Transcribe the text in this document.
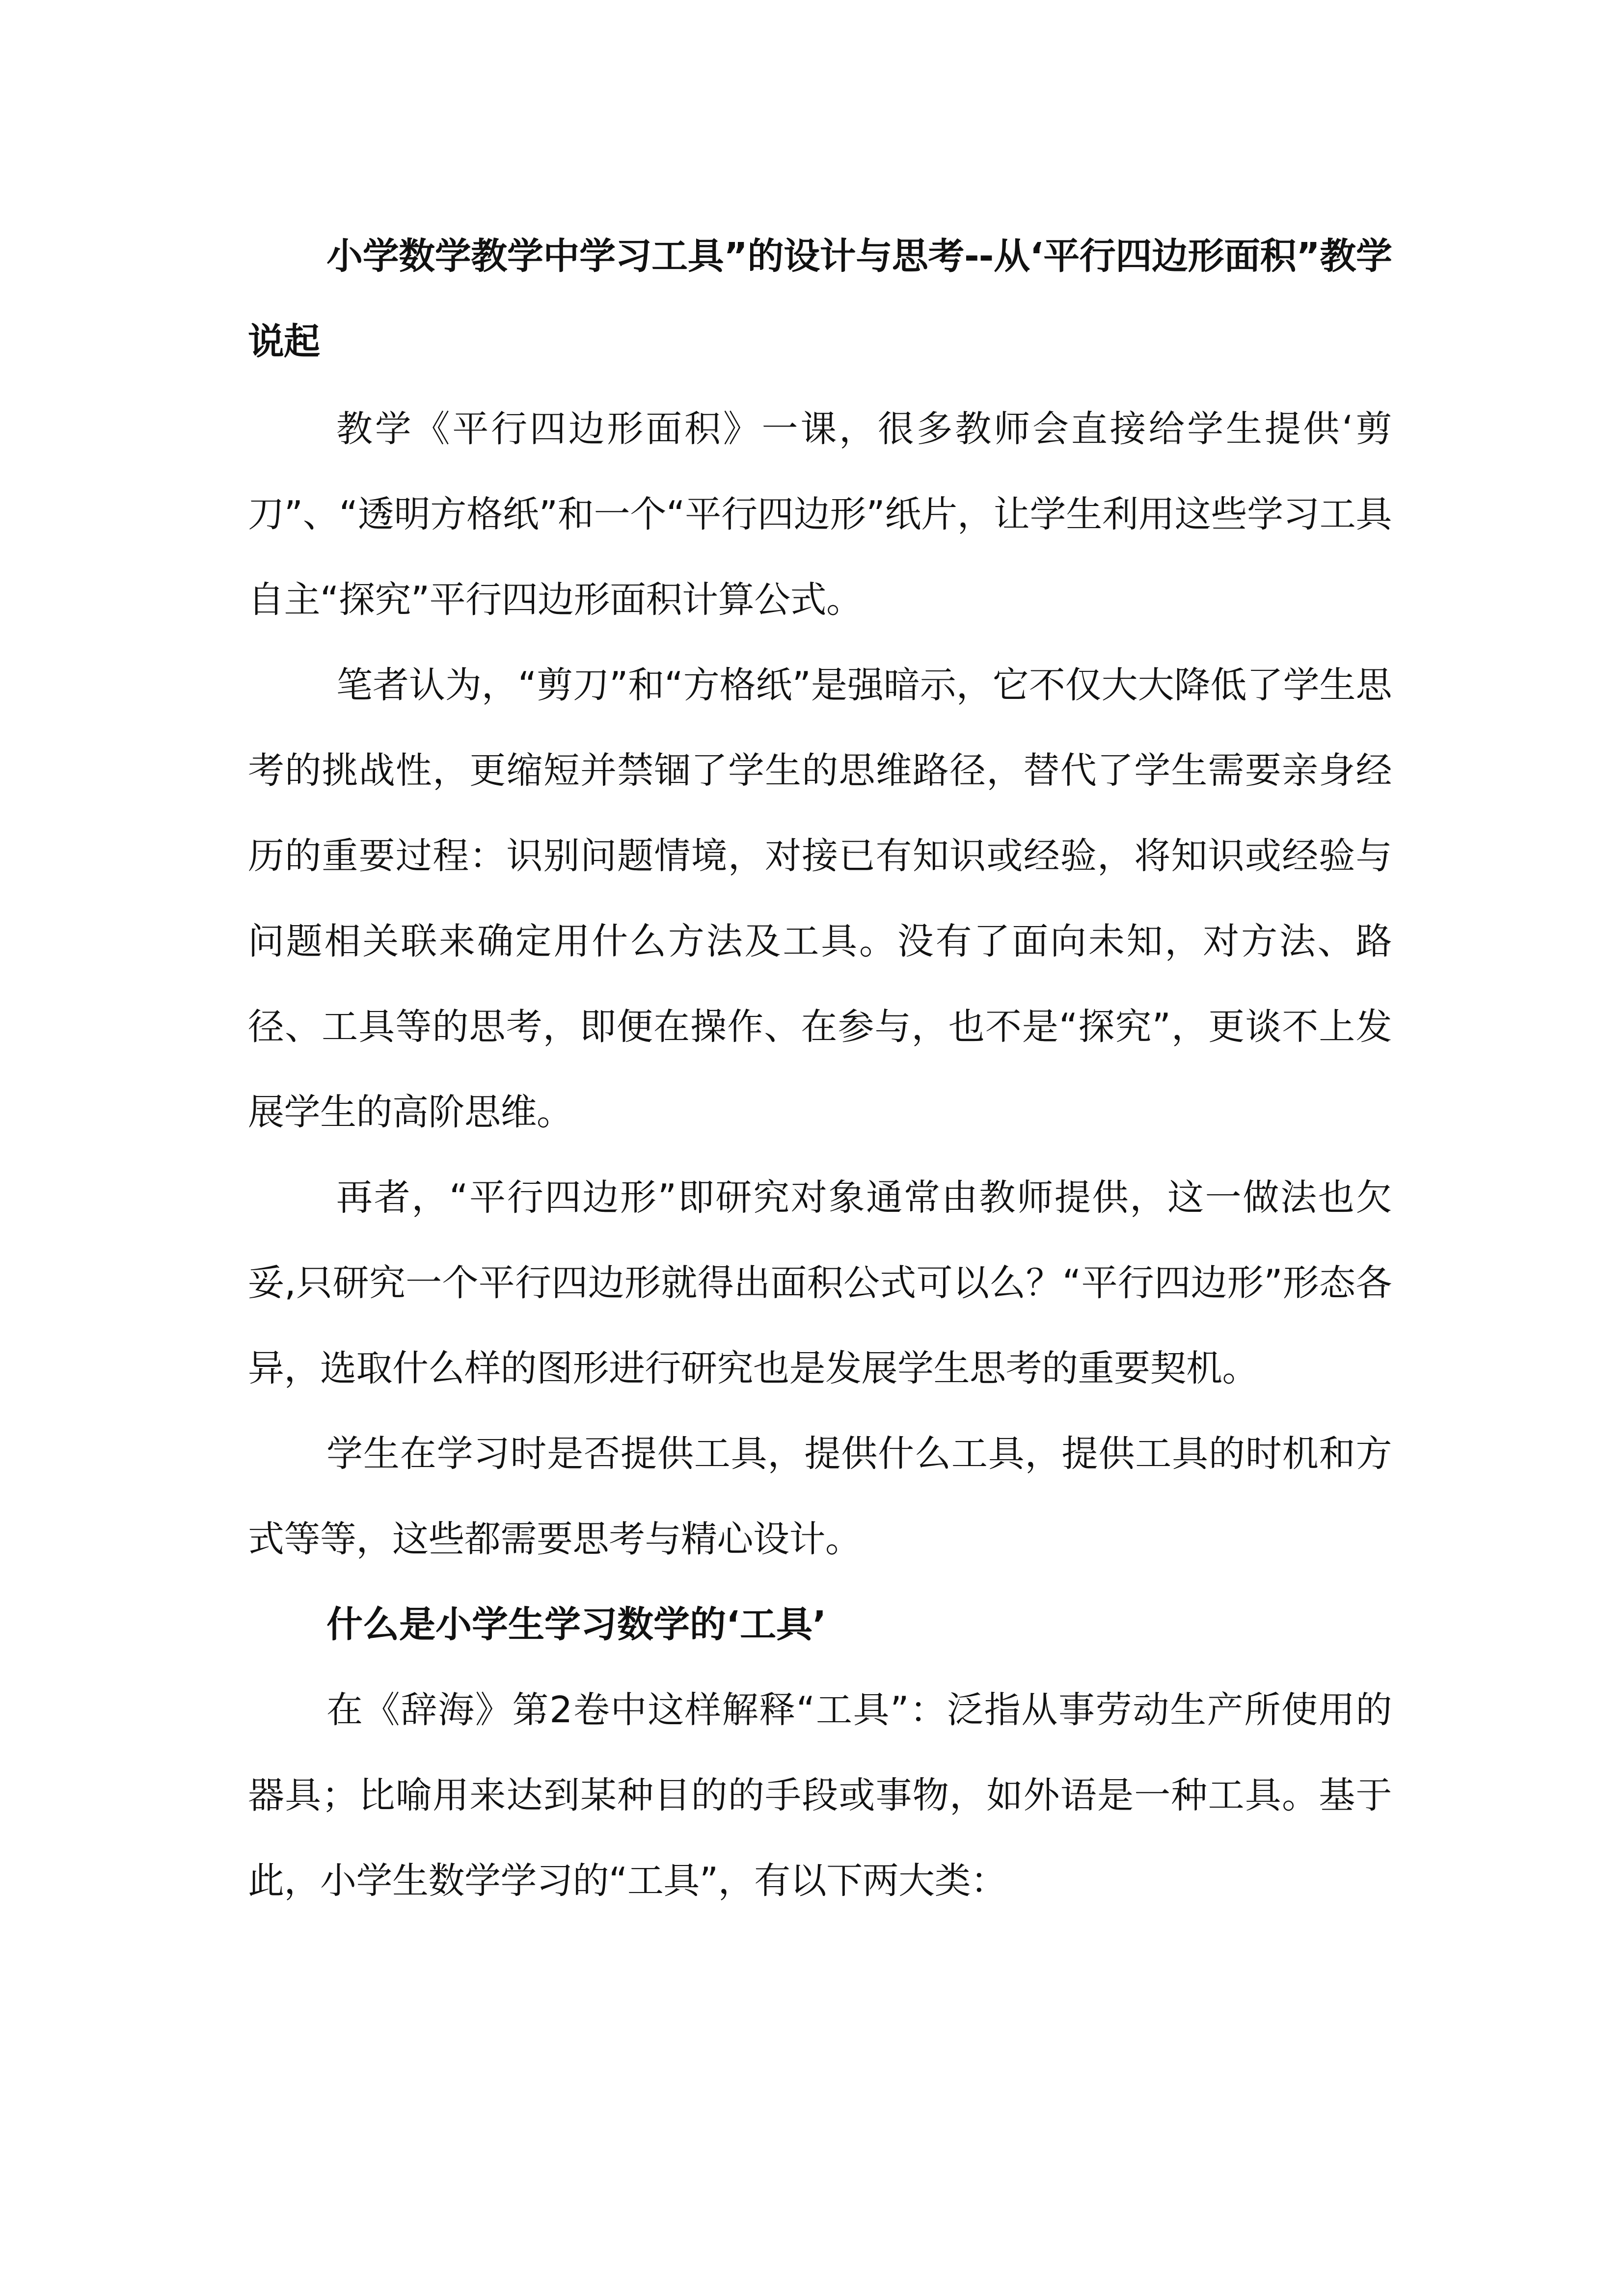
小学数学教学中学习工具”的设计与思考--从‘平行四边形面积”教学说起

教学《平行四边形面积》一课，很多教师会直接给学生提供‘剪刀”、“透明方格纸”和一个“平行四边形”纸片，让学生利用这些学习工具自主“探究”平行四边形面积计算公式。

笔者认为，“剪刀”和“方格纸”是强暗示，它不仅大大降低了学生思考的挑战性，更缩短并禁锢了学生的思维路径，替代了学生需要亲身经历的重要过程：识别问题情境，对接已有知识或经验，将知识或经验与问题相关联来确定用什么方法及工具。没有了面向未知，对方法、路径、工具等的思考，即便在操作、在参与，也不是“探究”，更谈不上发展学生的高阶思维。

再者，“平行四边形”即研究对象通常由教师提供，这一做法也欠妥,只研究一个平行四边形就得出面积公式可以么？“平行四边形”形态各异，选取什么样的图形进行研究也是发展学生思考的重要契机。

学生在学习时是否提供工具，提供什么工具，提供工具的时机和方式等等，这些都需要思考与精心设计。

什么是小学生学习数学的‘工具’

在《辞海》第2卷中这样解释“工具”：泛指从事劳动生产所使用的器具；比喻用来达到某种目的的手段或事物，如外语是一种工具。基于此，小学生数学学习的“工具”，有以下两大类：
